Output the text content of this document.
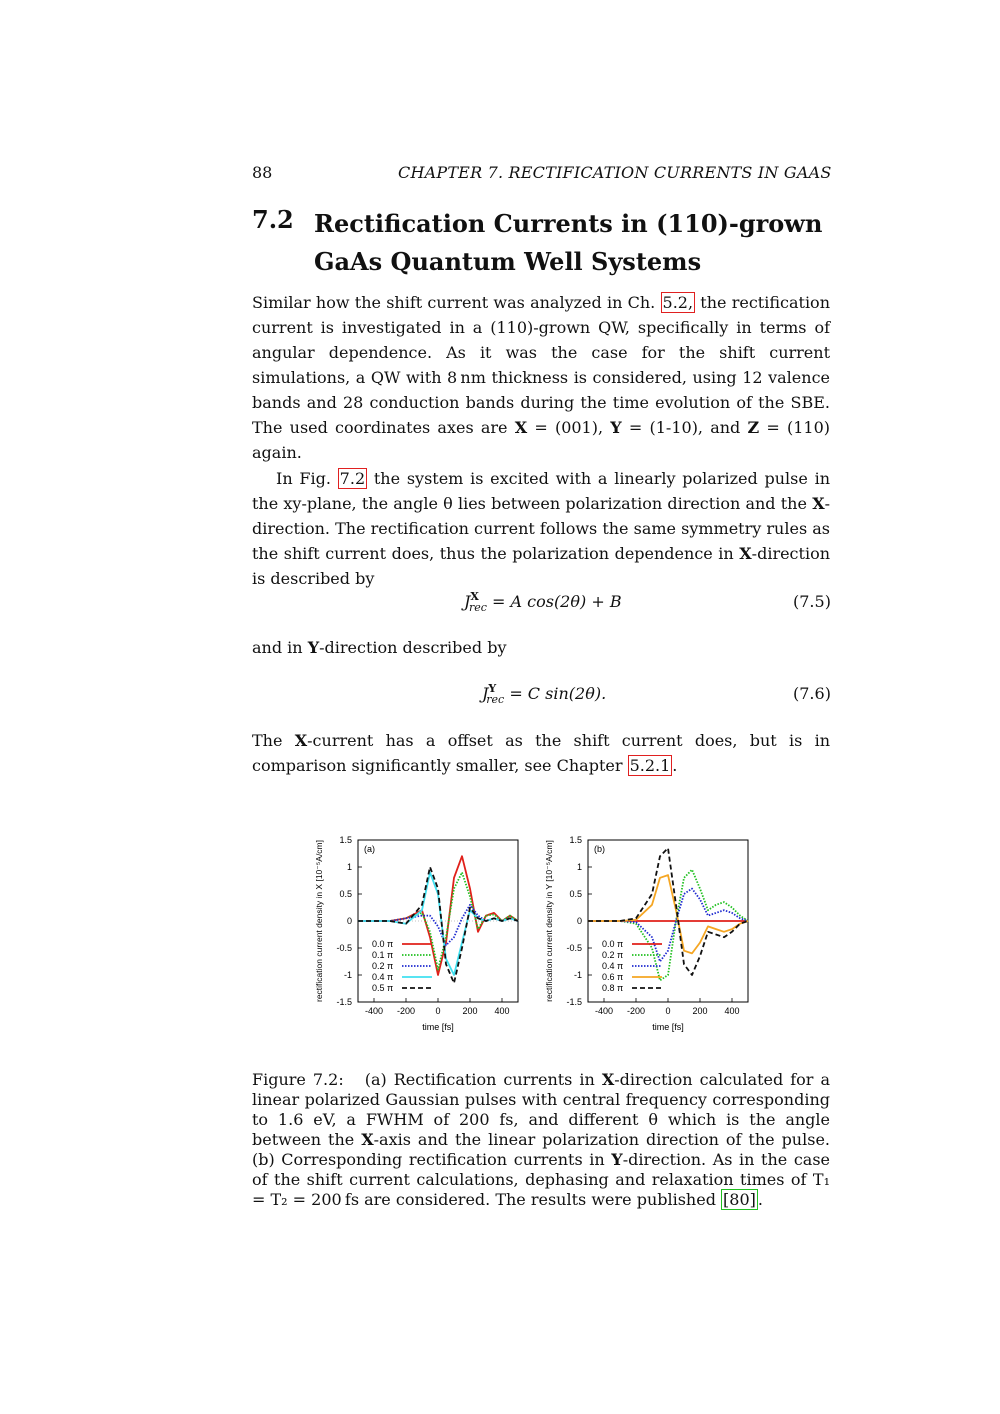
88	CHAPTER 7. RECTIFICATION CURRENTS IN GAAS
7.2 Rectification Currents in (110)-grown GaAs Quantum Well Systems
Similar how the shift current was analyzed in Ch. 5.2, the rectification current is investigated in a (110)-grown QW, specifically in terms of angular dependence. As it was the case for the shift current simulations, a QW with 8 nm thickness is considered, using 12 valence bands and 28 conduction bands during the time evolution of the SBE. The used coordinates axes are X = (001), Y = (1-10), and Z = (110) again.
In Fig. 7.2 the system is excited with a linearly polarized pulse in the xy-plane, the angle θ lies between polarization direction and the X-direction. The rectification current follows the same symmetry rules as the shift current does, thus the polarization dependence in X-direction is described by
$J^X_{rec} = A$ cos(2θ) + B	(7.5)
and in Y-direction described by
$J^Y_{rec} = C$ sin(2θ).	(7.6)
The X-current has a offset as the shift current does, but is in comparison significantly smaller, see Chapter 5.2.1 .
-1.5
-1
-0.5
0
0.5
1
1.5
-400 -200 0 200 400
time [fs]
rectification current density in X [10⁻⁵A/cm]	(a)
0.0 π
0.1 π
0.2 π
0.4 π
0.5 π
-1.5
-1
-0.5
0
0.5
1
1.5
-400 -200 0 200 400
time [fs]
rectification current density in Y [10⁻⁵A/cm]	(b)
0.0 π
0.2 π
0.4 π
0.6 π
0.8 π
Figure 7.2: (a) Rectification currents in X-direction calculated for a linear polarized Gaussian pulses with central frequency corresponding to 1.6 eV, a FWHM of 200 fs, and different θ which is the angle between the X-axis and the linear polarization direction of the pulse. (b) Corresponding rectification currents in Y-direction. As in the case of the shift current calculations, dephasing and relaxation times of T₁ = T₂ = 200 fs are considered. The results were published [80] .
